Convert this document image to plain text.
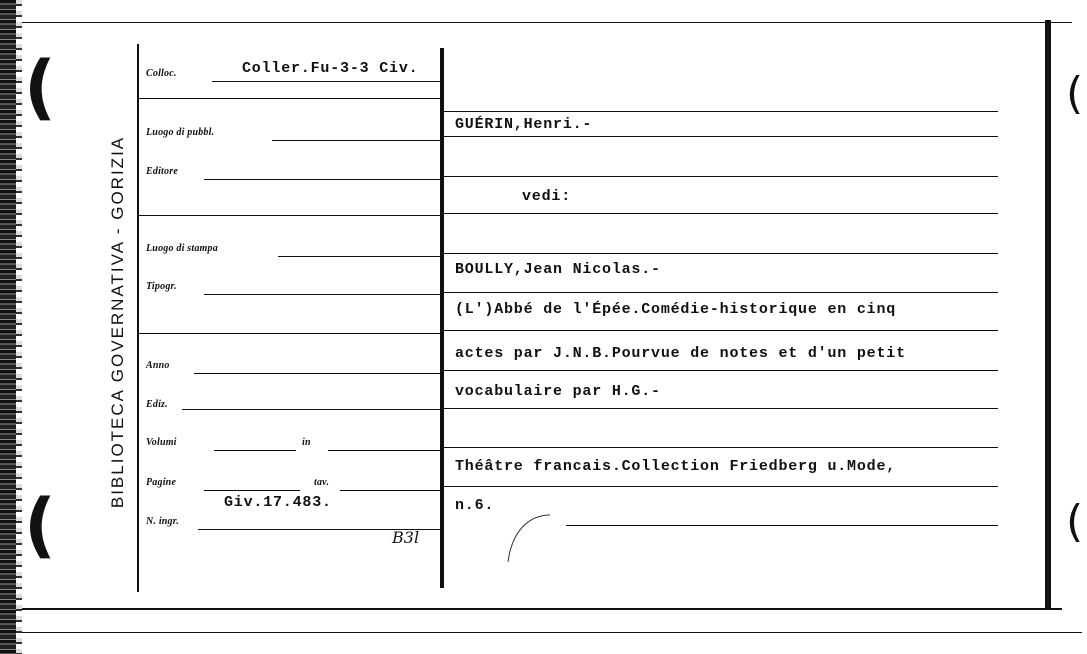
(
(
(
(
BIBLIOTECA GOVERNATIVA - GORIZIA
Colloc.	Coller.Fu-3-3 Civ.
Luogo di pubbl.
Editore
Luogo di stampa
Tipogr.
Anno
Ediz.
Volumi	in
Pagine	tav.
Giv.17.483.
N. ingr.
B3l
GUÉRIN,Henri.-
vedi:
BOULLY,Jean Nicolas.-
(L')Abbé de l'Épée.Comédie-historique en cinq
actes par J.N.B.Pourvue de notes et d'un petit
vocabulaire par H.G.-
Théâtre francais.Collection Friedberg u.Mode,
n.6.
